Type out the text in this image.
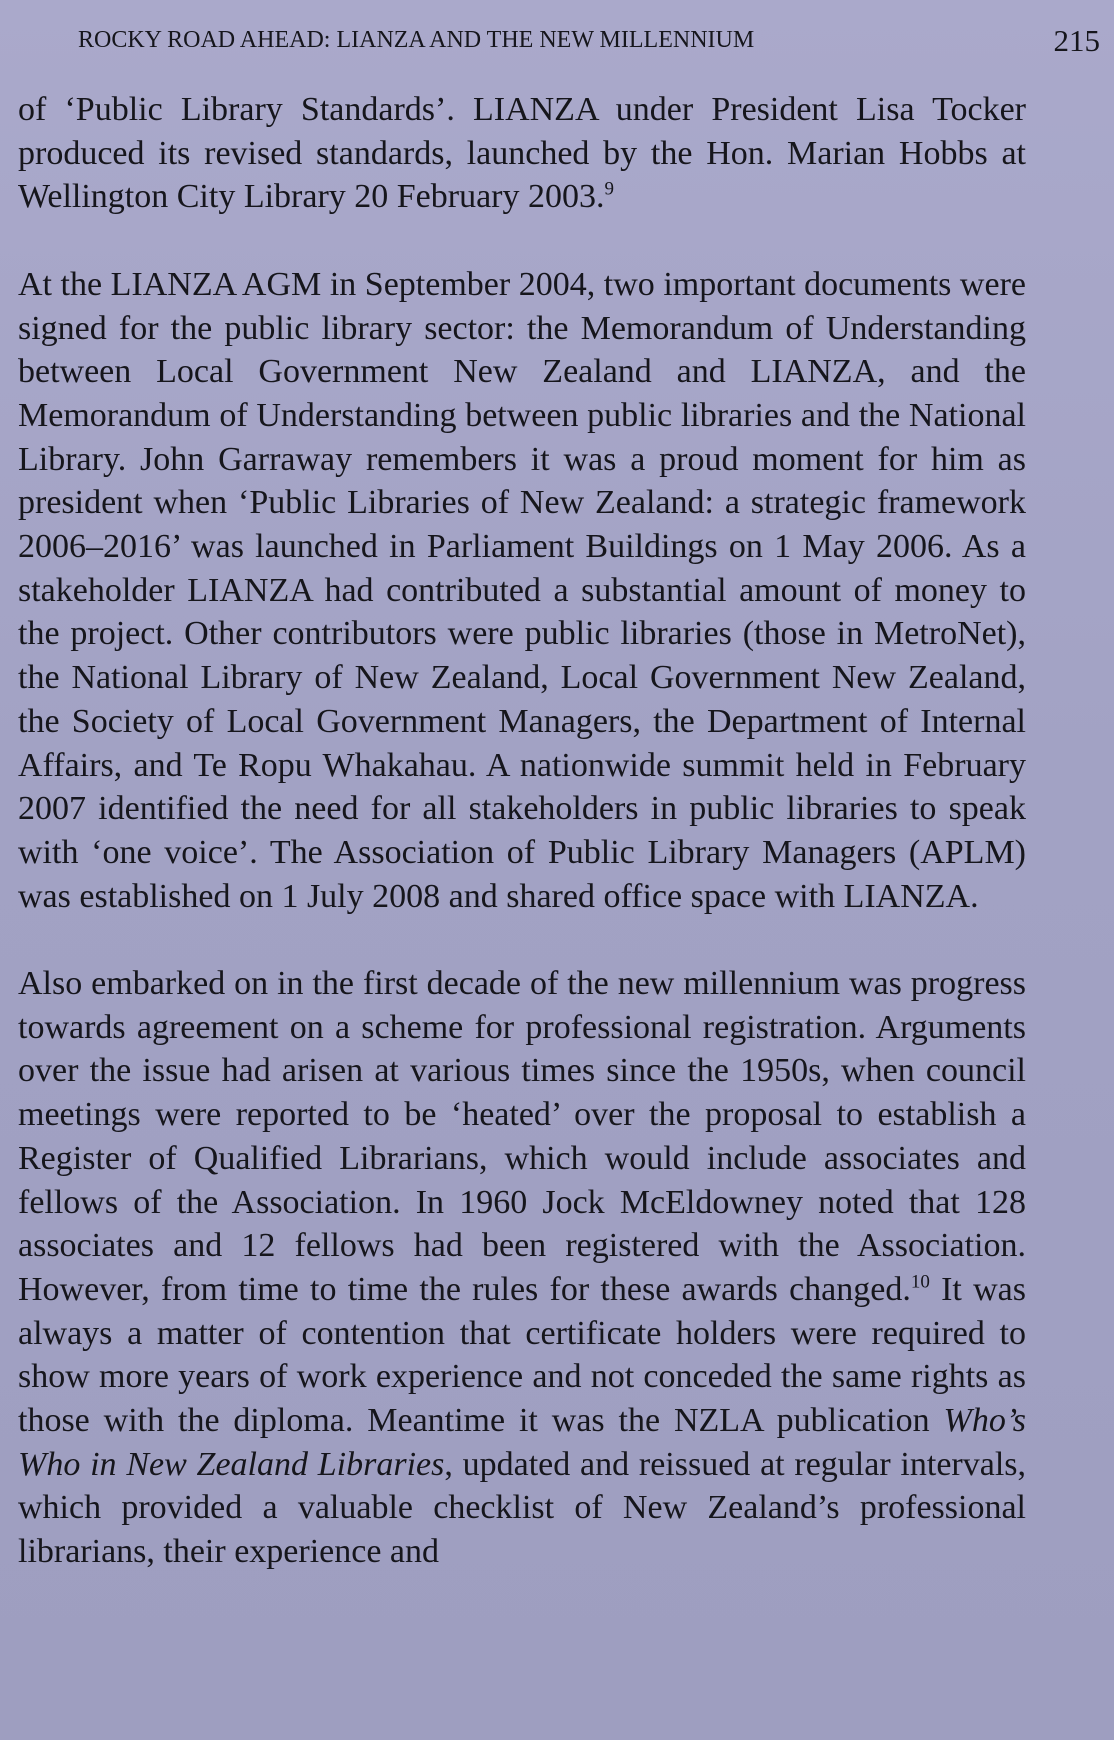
ROCKY ROAD AHEAD: LIANZA AND THE NEW MILLENNIUM	215

of ‘Public Library Standards’. LIANZA under President Lisa Tocker produced its revised standards, launched by the Hon. Marian Hobbs at Wellington City Library 20 February 2003.$^9$

At the LIANZA AGM in September 2004, two important documents were signed for the public library sector: the Memorandum of Understanding between Local Government New Zealand and LIANZA, and the Memorandum of Understanding between public libraries and the National Library. John Garraway remembers it was a proud moment for him as president when ‘Public Libraries of New Zealand: a strategic framework 2006–2016’ was launched in Parliament Buildings on 1 May 2006. As a stakeholder LIANZA had contributed a substantial amount of money to the project. Other contributors were public libraries (those in MetroNet), the National Library of New Zealand, Local Government New Zealand, the Society of Local Government Managers, the Department of Internal Affairs, and Te Ropu Whakahau. A nationwide summit held in February 2007 identified the need for all stakeholders in public libraries to speak with ‘one voice’. The Association of Public Library Managers (APLM) was established on 1 July 2008 and shared office space with LIANZA.

Also embarked on in the first decade of the new millennium was progress towards agreement on a scheme for professional registration. Arguments over the issue had arisen at various times since the 1950s, when council meetings were reported to be ‘heated’ over the proposal to establish a Register of Qualified Librarians, which would include associates and fellows of the Association. In 1960 Jock McEldowney noted that 128 associates and 12 fellows had been registered with the Association. However, from time to time the rules for these awards changed.$^{10}$ It was always a matter of contention that certificate holders were required to show more years of work experience and not conceded the same rights as those with the diploma. Meantime it was the NZLA publication Who’s Who in New Zealand Libraries, updated and reissued at regular intervals, which provided a valuable checklist of New Zealand’s professional librarians, their experience and
